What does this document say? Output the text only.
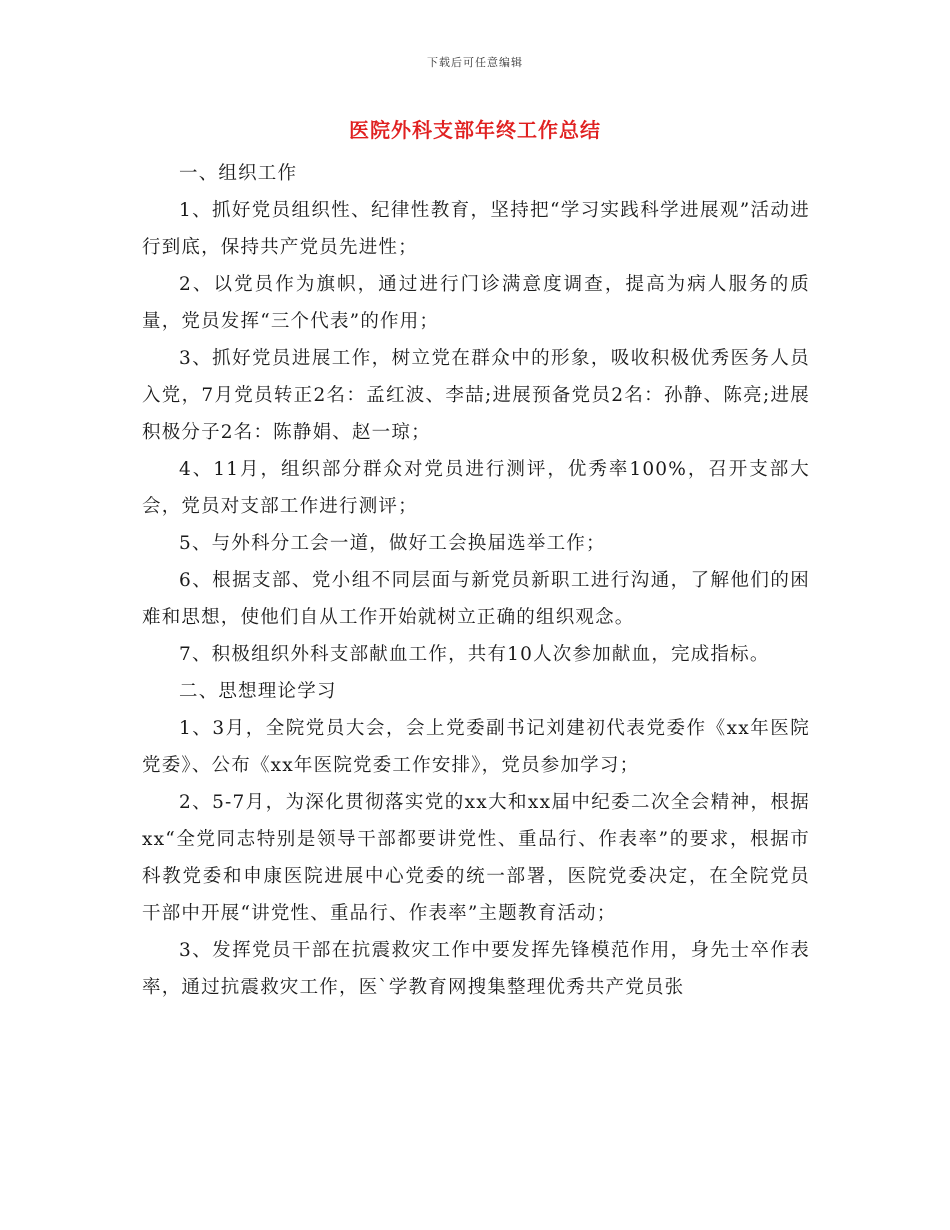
下载后可任意编辑
医院外科支部年终工作总结

一、组织工作

1、抓好党员组织性、纪律性教育，坚持把“学习实践科学进展观”活动进行到底，保持共产党员先进性；

2、以党员作为旗帜，通过进行门诊满意度调查，提高为病人服务的质量，党员发挥“三个代表”的作用；

3、抓好党员进展工作，树立党在群众中的形象，吸收积极优秀医务人员入党，7月党员转正2名：孟红波、李喆;进展预备党员2名：孙静、陈亮;进展积极分子2名：陈静娟、赵一琼；

4、11月，组织部分群众对党员进行测评，优秀率100%，召开支部大会，党员对支部工作进行测评；

5、与外科分工会一道，做好工会换届选举工作；

6、根据支部、党小组不同层面与新党员新职工进行沟通，了解他们的困难和思想，使他们自从工作开始就树立正确的组织观念。

7、积极组织外科支部献血工作，共有10人次参加献血，完成指标。

二、思想理论学习

1、3月，全院党员大会，会上党委副书记刘建初代表党委作《xx年医院党委》、公布《xx年医院党委工作安排》，党员参加学习；

2、5-7月，为深化贯彻落实党的xx大和xx届中纪委二次全会精神，根据xx“全党同志特别是领导干部都要讲党性、重品行、作表率”的要求，根据市科教党委和申康医院进展中心党委的统一部署，医院党委决定，在全院党员干部中开展“讲党性、重品行、作表率”主题教育活动；

3、发挥党员干部在抗震救灾工作中要发挥先锋模范作用，身先士卒作表率，通过抗震救灾工作，医`学教育网搜集整理优秀共产党员张
